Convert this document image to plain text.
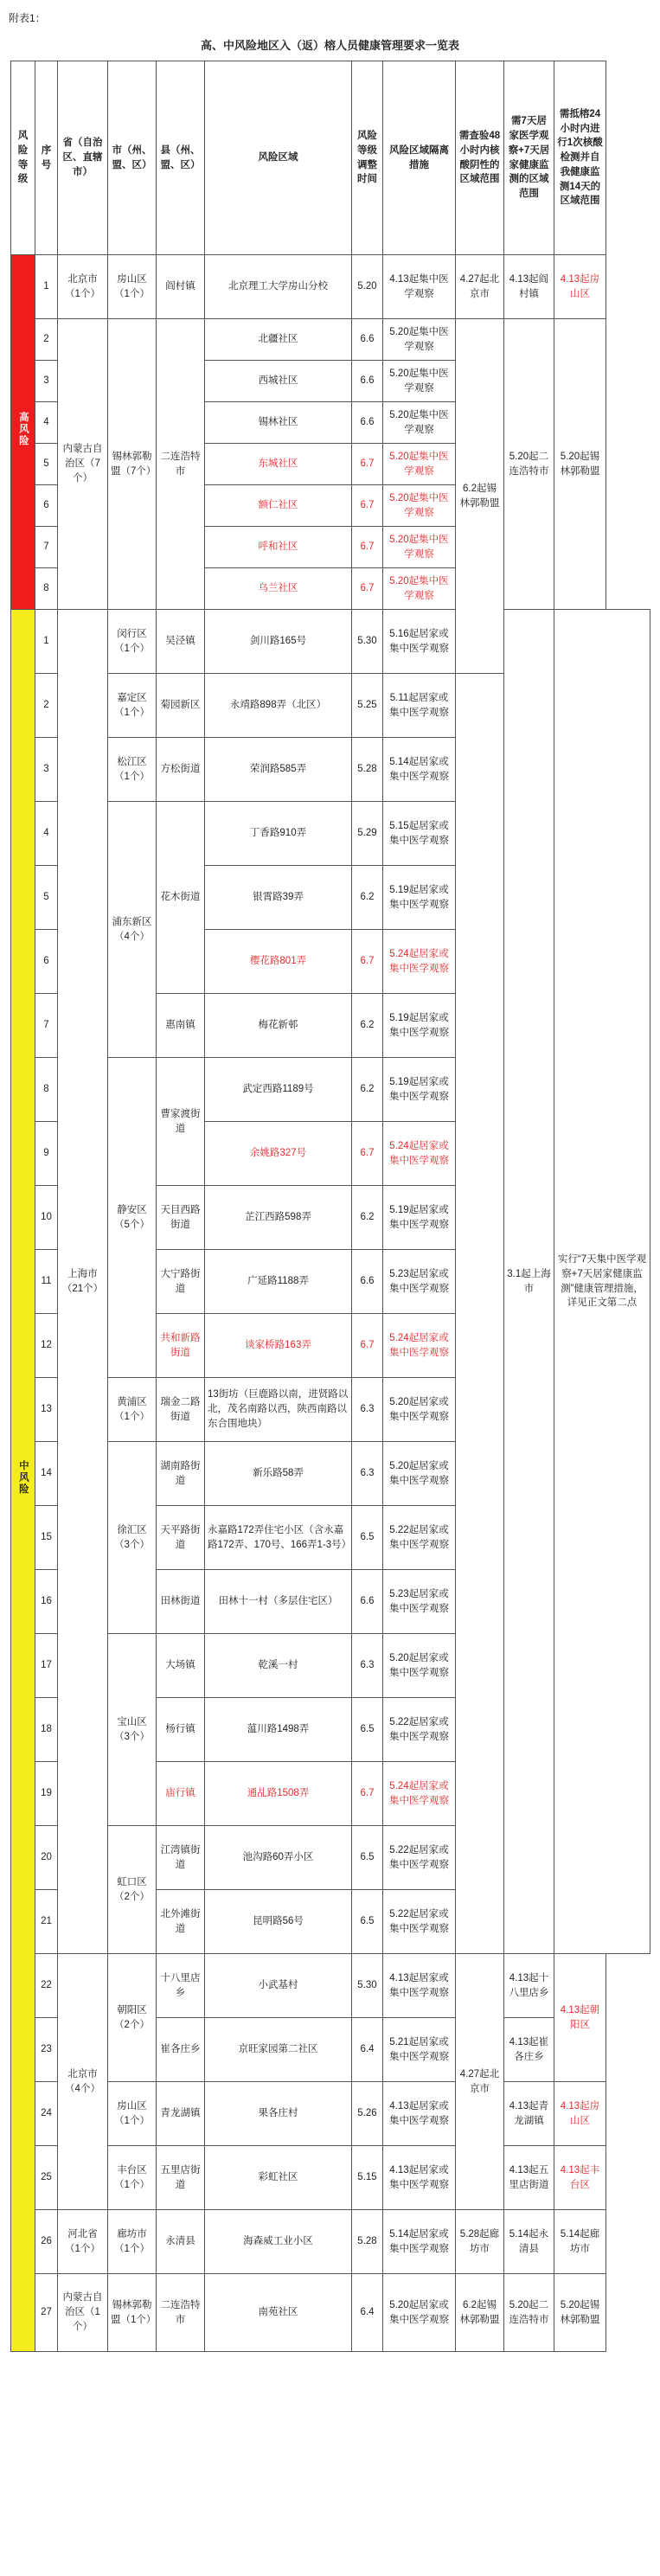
附表1：
高、中风险地区入（返）榕人员健康管理要求一览表
风险等级	序号	省（自治区、直辖市）	市（州、盟、区）	县（州、盟、区）	风险区域	风险等级调整时间	风险区域隔离措施	需查验48小时内核酸阴性的区域范围	需7天居家医学观察+7天居家健康监测的区域范围	需抵榕24小时内进行1次核酸检测并自我健康监测14天的区域范围
高风险	1	北京市（1个）	房山区（1个）	阎村镇	北京理工大学房山分校	5.20	4.13起集中医学观察	4.27起北京市	4.13起阎村镇	4.13起房山区
	2	内蒙古自治区（7个）	锡林郭勒盟（7个）	二连浩特市	北疆社区	6.6	5.20起集中医学观察	6.2起锡林郭勒盟	5.20起二连浩特市	5.20起锡林郭勒盟
	3				西城社区	6.6	5.20起集中医学观察			
	4				锡林社区	6.6	5.20起集中医学观察			
	5				东城社区	6.7	5.20起集中医学观察			
	6				额仁社区	6.7	5.20起集中医学观察			
	7				呼和社区	6.7	5.20起集中医学观察			
	8				乌兰社区	6.7	5.20起集中医学观察			
中风险	1	上海市（21个）	闵行区（1个）	吴泾镇	剑川路165号	5.30	5.16起居家或集中医学观察		3.1起上海市	实行“7天集中医学观察+7天居家健康监测”健康管理措施，详见正文第二点
	2		嘉定区（1个）	菊园新区	永靖路898弄（北区）	5.25	5.11起居家或集中医学观察			
	3		松江区（1个）	方松街道	荣润路585弄	5.28	5.14起居家或集中医学观察			
	4		浦东新区（4个）	花木街道	丁香路910弄	5.29	5.15起居家或集中医学观察			
	5				银霄路39弄	6.2	5.19起居家或集中医学观察			
	6				樱花路801弄	6.7	5.24起居家或集中医学观察			
	7			惠南镇	梅花新邨	6.2	5.19起居家或集中医学观察			
	8		静安区（5个）	曹家渡街道	武定西路1189号	6.2	5.19起居家或集中医学观察			
	9				余姚路327号	6.7	5.24起居家或集中医学观察			
	10			天目西路街道	芷江西路598弄	6.2	5.19起居家或集中医学观察			
	11			大宁路街道	广延路1188弄	6.6	5.23起居家或集中医学观察			
	12			共和新路街道	谈家桥路163弄	6.7	5.24起居家或集中医学观察			
	13		黄浦区（1个）	瑞金二路街道	13街坊（巨鹿路以南，进贤路以北，茂名南路以西，陕西南路以东合围地块）	6.3	5.20起居家或集中医学观察			
	14		徐汇区（3个）	湖南路街道	新乐路58弄	6.3	5.20起居家或集中医学观察			
	15			天平路街道	永嘉路172弄住宅小区（含永嘉路172弄、170号、166弄1-3号）	6.5	5.22起居家或集中医学观察			
	16			田林街道	田林十一村（多层住宅区）	6.6	5.23起居家或集中医学观察			
	17		宝山区（3个）	大场镇	乾溪一村	6.3	5.20起居家或集中医学观察			
	18			杨行镇	蕰川路1498弄	6.5	5.22起居家或集中医学观察			
	19			庙行镇	通乩路1508弄	6.7	5.24起居家或集中医学观察			
	20		虹口区（2个）	江湾镇街道	池沟路60弄小区	6.5	5.22起居家或集中医学观察			
	21			北外滩街道	昆明路56号	6.5	5.22起居家或集中医学观察			
	22	北京市（4个）	朝阳区（2个）	十八里店乡	小武基村	5.30	4.13起居家或集中医学观察	4.27起北京市	4.13起十八里店乡	4.13起朝阳区
	23			崔各庄乡	京旺家园第二社区	6.4	5.21起居家或集中医学观察		4.13起崔各庄乡	
	24		房山区（1个）	青龙湖镇	果各庄村	5.26	4.13起居家或集中医学观察		4.13起青龙湖镇	4.13起房山区
	25		丰台区（1个）	五里店街道	彩虹社区	5.15	4.13起居家或集中医学观察		4.13起五里店街道	4.13起丰台区
	26	河北省（1个）	廊坊市（1个）	永清县	海森威工业小区	5.28	5.14起居家或集中医学观察	5.28起廊坊市	5.14起永清县	5.14起廊坊市
	27	内蒙古自治区（1个）	锡林郭勒盟（1个）	二连浩特市	南苑社区	6.4	5.20起居家或集中医学观察	6.2起锡林郭勒盟	5.20起二连浩特市	5.20起锡林郭勒盟
